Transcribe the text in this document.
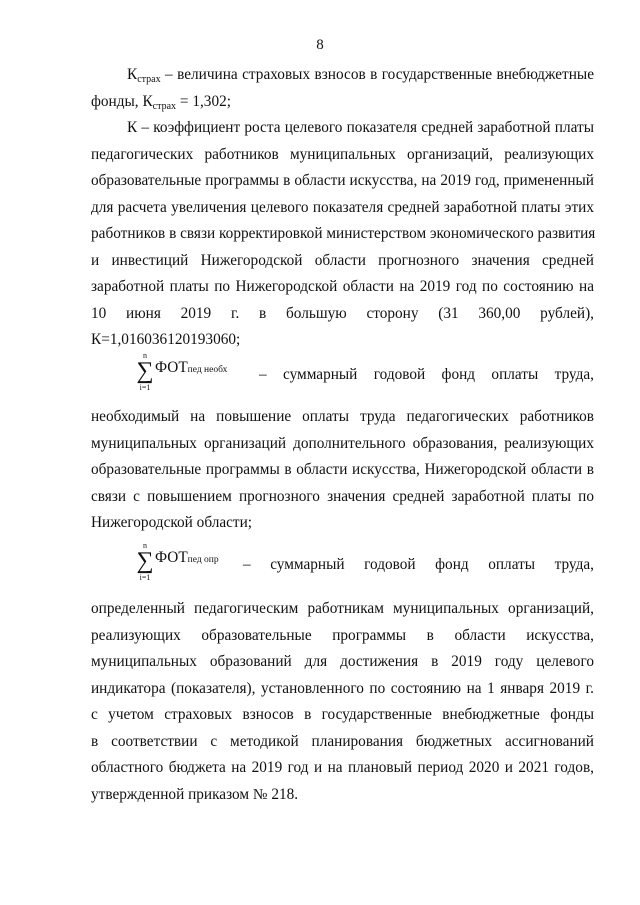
8
$К_{страх}$ – величина страховых взносов в государственные внебюджетные
фонды, $К_{страх} = 1,302$;
К – коэффициент роста целевого показателя средней заработной платы
педагогических работников муниципальных организаций, реализующих
образовательные программы в области искусства, на 2019 год, примененный
для расчета увеличения целевого показателя средней заработной платы этих
работников в связи корректировкой министерством экономического развития
и инвестиций Нижегородской области прогнозного значения средней
заработной платы по Нижегородской области на 2019 год по состоянию на
10 июня 2019 г. в большую сторону (31 360,00 рублей),
К=1,016036120193060;
n
∑
i=1
ФОТпед необх – суммарный годовой фонд оплаты труда,
необходимый на повышение оплаты труда педагогических работников
муниципальных организаций дополнительного образования, реализующих
образовательные программы в области искусства, Нижегородской области в
связи с повышением прогнозного значения средней заработной платы по
Нижегородской области;
n
∑
i=1
ФОТпед опр – суммарный годовой фонд оплаты труда,
определенный педагогическим работникам муниципальных организаций,
реализующих образовательные программы в области искусства,
муниципальных образований для достижения в 2019 году целевого
индикатора (показателя), установленного по состоянию на 1 января 2019 г.
с учетом страховых взносов в государственные внебюджетные фонды
в соответствии с методикой планирования бюджетных ассигнований
областного бюджета на 2019 год и на плановый период 2020 и 2021 годов,
утвержденной приказом № 218.
